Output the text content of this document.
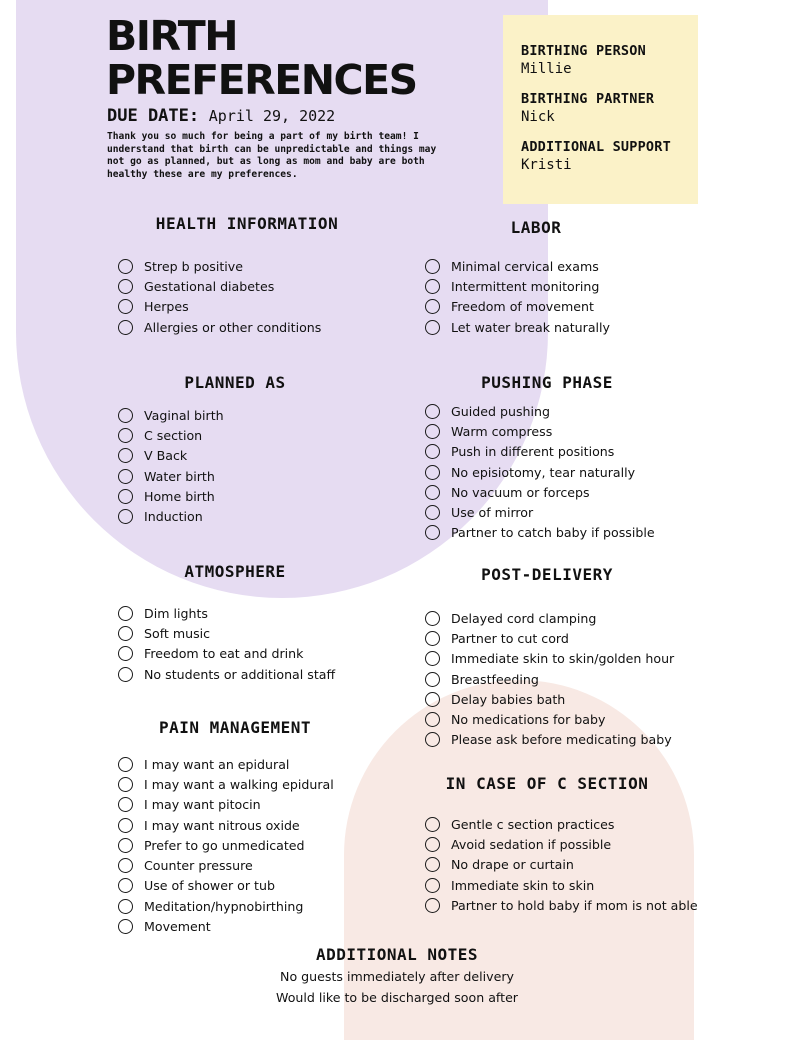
BIRTH
PREFERENCES
DUE DATE: April 29, 2022

Thank you so much for being a part of my birth team! I understand that birth can be unpredictable and things may not go as planned, but as long as mom and baby are both healthy these are my preferences.

BIRTHING PERSON
Millie
BIRTHING PARTNER
Nick
ADDITIONAL SUPPORT
Kristi
HEALTH INFORMATION	LABOR
PLANNED AS	PUSHING PHASE
ATMOSPHERE	POST-DELIVERY
PAIN MANAGEMENT
IN CASE OF C SECTION
Strep b positive
Gestational diabetes
Herpes
Allergies or other conditions
Minimal cervical exams
Intermittent monitoring
Freedom of movement
Let water break naturally
Vaginal birth
C section
V Back
Water birth
Home birth
Induction
Guided pushing
Warm compress
Push in different positions
No episiotomy, tear naturally
No vacuum or forceps
Use of mirror
Partner to catch baby if possible
Dim lights
Soft music
Freedom to eat and drink
No students or additional staff
Delayed cord clamping
Partner to cut cord
Immediate skin to skin/golden hour
Breastfeeding
Delay babies bath
No medications for baby
Please ask before medicating baby
I may want an epidural
I may want a walking epidural
I may want pitocin
I may want nitrous oxide
Prefer to go unmedicated
Counter pressure
Use of shower or tub
Meditation/hypnobirthing
Movement
Gentle c section practices
Avoid sedation if possible
No drape or curtain
Immediate skin to skin
Partner to hold baby if mom is not able
ADDITIONAL NOTES
No guests immediately after delivery
Would like to be discharged soon after
